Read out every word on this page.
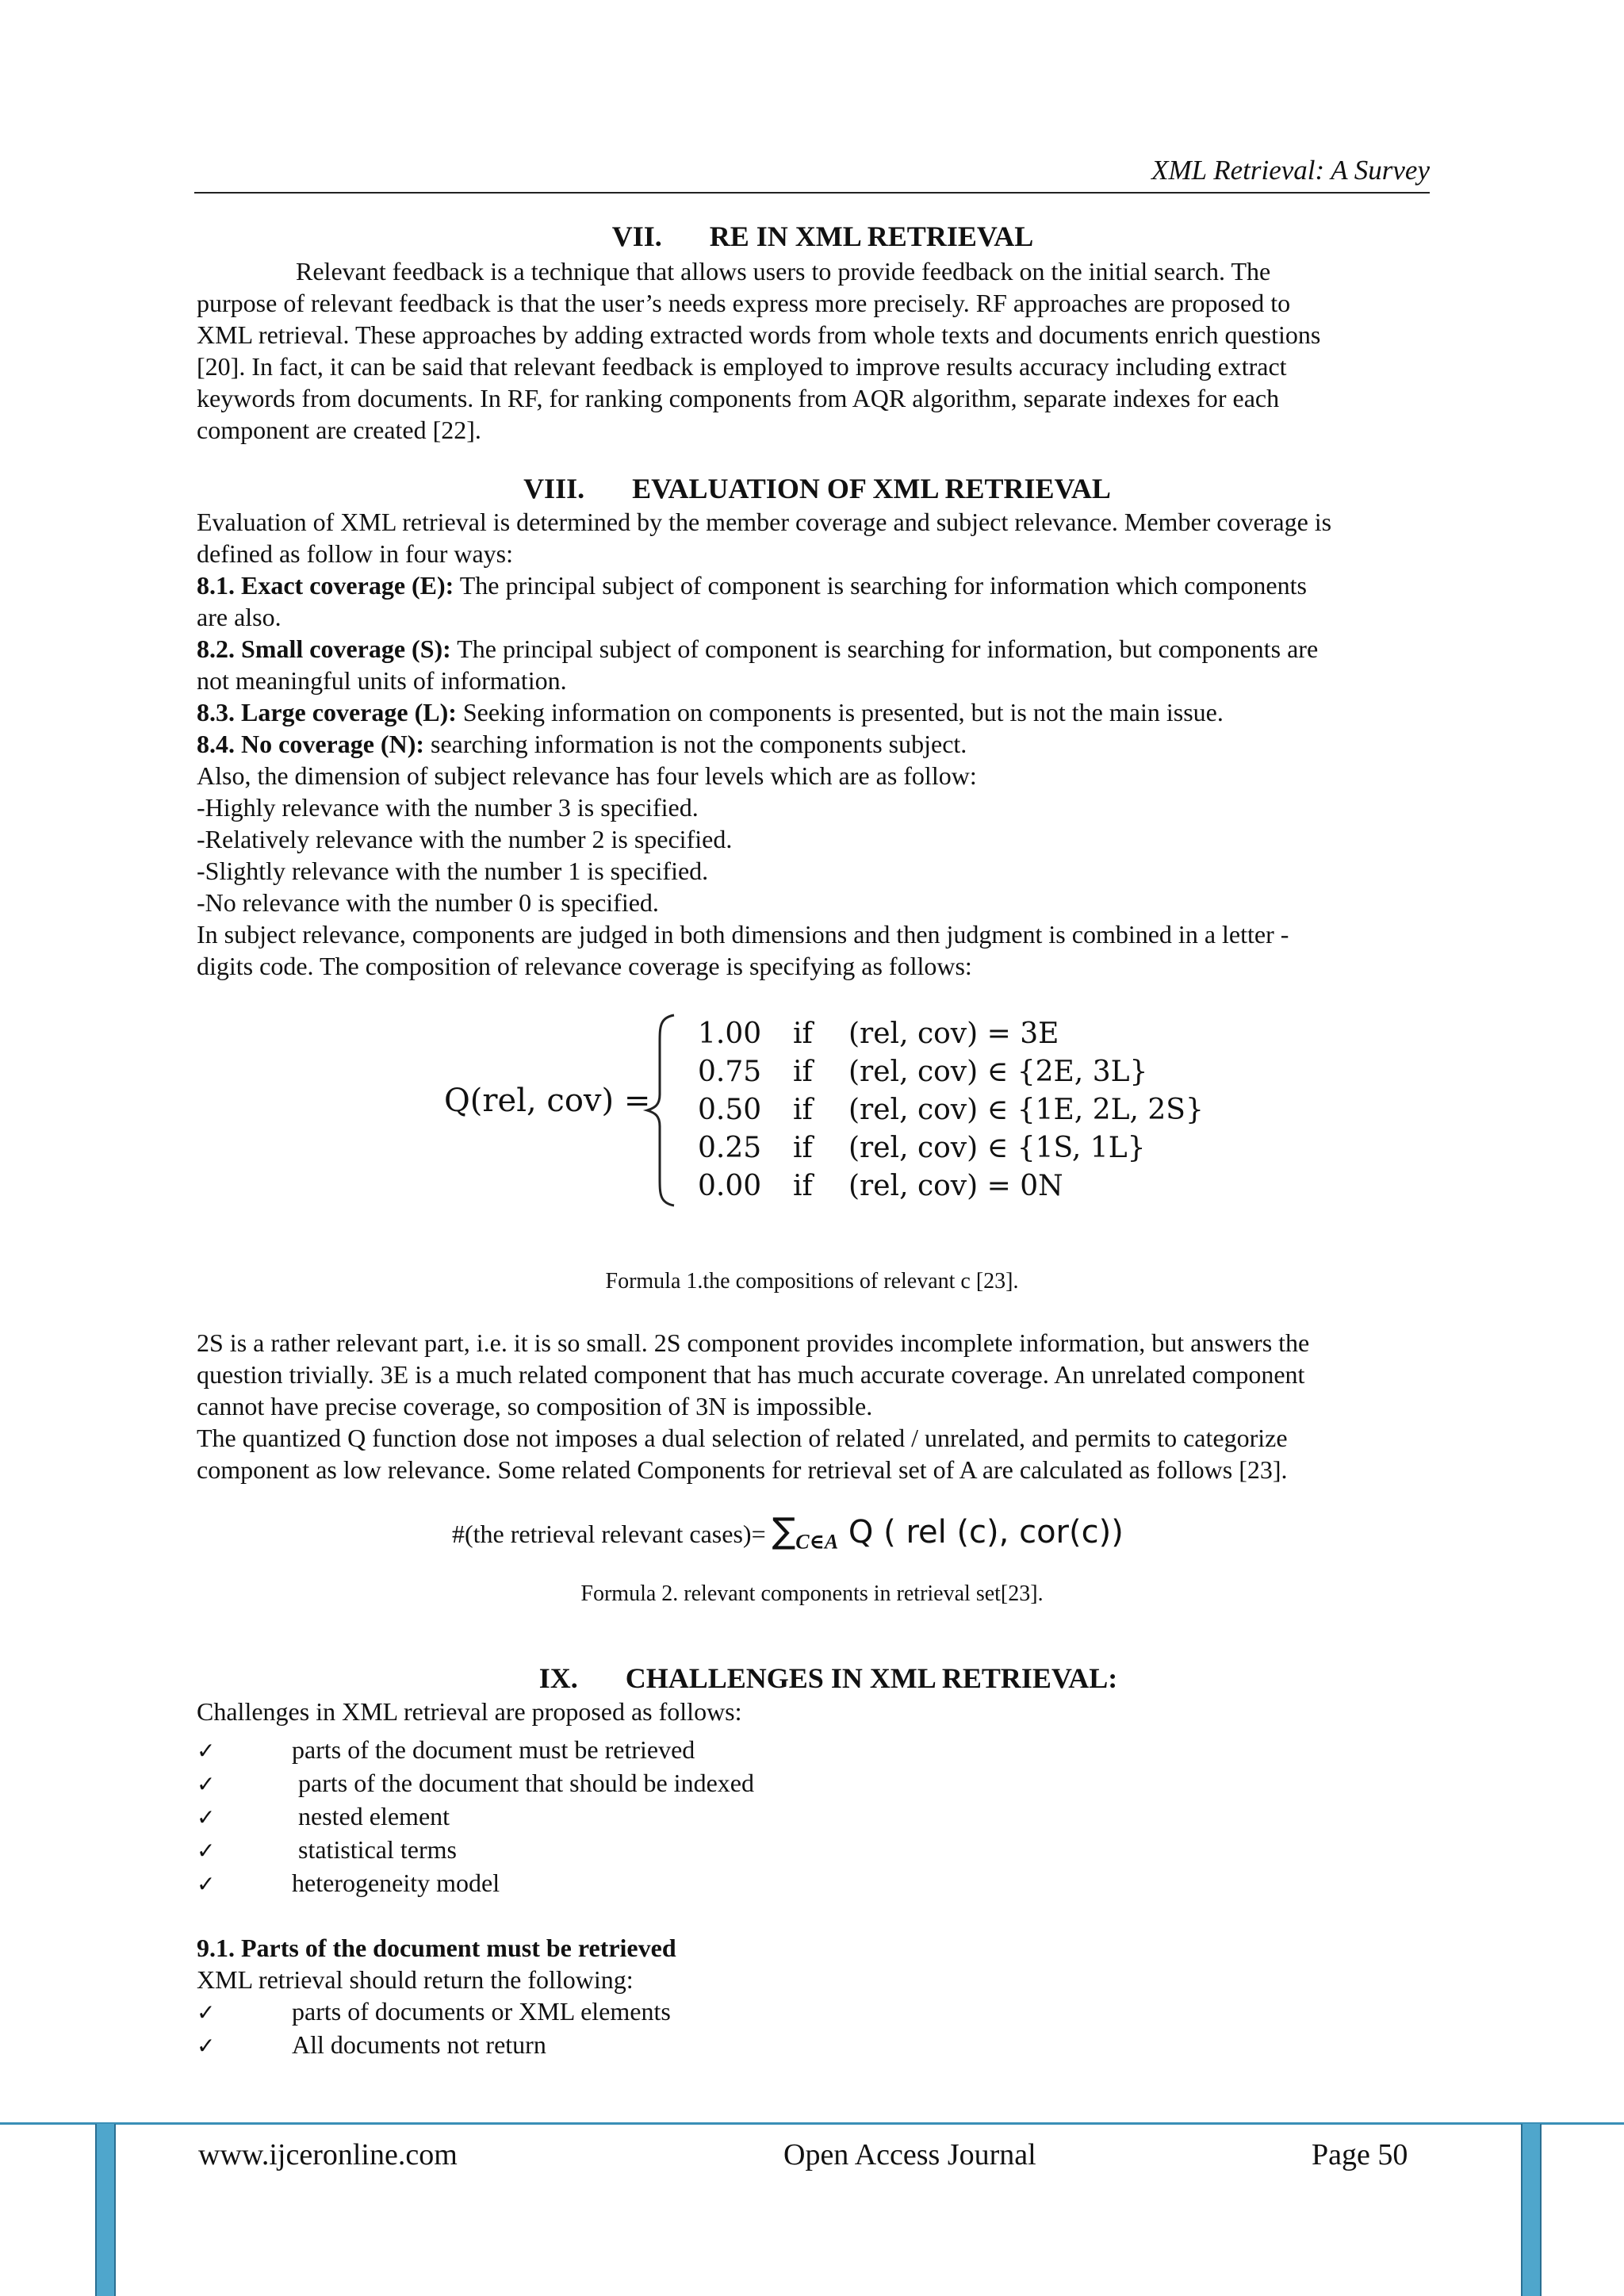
XML Retrieval: A Survey
VII. RE IN XML RETRIEVAL
Relevant feedback is a technique that allows users to provide feedback on the initial search. The
purpose of relevant feedback is that the user’s needs express more precisely. RF approaches are proposed to
XML retrieval. These approaches by adding extracted words from whole texts and documents enrich questions
[20]. In fact, it can be said that relevant feedback is employed to improve results accuracy including extract
keywords from documents. In RF, for ranking components from AQR algorithm, separate indexes for each
component are created [22].
VIII. EVALUATION OF XML RETRIEVAL
Evaluation of XML retrieval is determined by the member coverage and subject relevance. Member coverage is
defined as follow in four ways:
8.1. Exact coverage (E): The principal subject of component is searching for information which components
are also.
8.2. Small coverage (S): The principal subject of component is searching for information, but components are
not meaningful units of information.
8.3. Large coverage (L): Seeking information on components is presented, but is not the main issue.
8.4. No coverage (N): searching information is not the components subject.
Also, the dimension of subject relevance has four levels which are as follow:
-Highly relevance with the number 3 is specified.
-Relatively relevance with the number 2 is specified.
-Slightly relevance with the number 1 is specified.
-No relevance with the number 0 is specified.
In subject relevance, components are judged in both dimensions and then judgment is combined in a letter -
digits code. The composition of relevance coverage is specifying as follows:
Q(rel, cov) =
1.00 if (rel, cov) = 3E
0.75 if (rel, cov) ∈ {2E, 3L}
0.50 if (rel, cov) ∈ {1E, 2L, 2S}
0.25 if (rel, cov) ∈ {1S, 1L}
0.00 if (rel, cov) = 0N
Formula 1.the compositions of relevant c [23].
2S is a rather relevant part, i.e. it is so small. 2S component provides incomplete information, but answers the
question trivially. 3E is a much related component that has much accurate coverage. An unrelated component
cannot have precise coverage, so composition of 3N is impossible.
The quantized Q function dose not imposes a dual selection of related / unrelated, and permits to categorize
component as low relevance. Some related Components for retrieval set of A are calculated as follows [23].
#(the retrieval relevant cases)= $\sum_{C\in A}$ Q ( rel (c), cor(c))
Formula 2. relevant components in retrieval set[23].
IX. CHALLENGES IN XML RETRIEVAL:
Challenges in XML retrieval are proposed as follows:
✓	parts of the document must be retrieved
✓	parts of the document that should be indexed
✓	nested element
✓	statistical terms
✓	heterogeneity model
9.1. Parts of the document must be retrieved
XML retrieval should return the following:
✓	parts of documents or XML elements
✓	All documents not return
www.ijceronline.com	Open Access Journal	Page 50
